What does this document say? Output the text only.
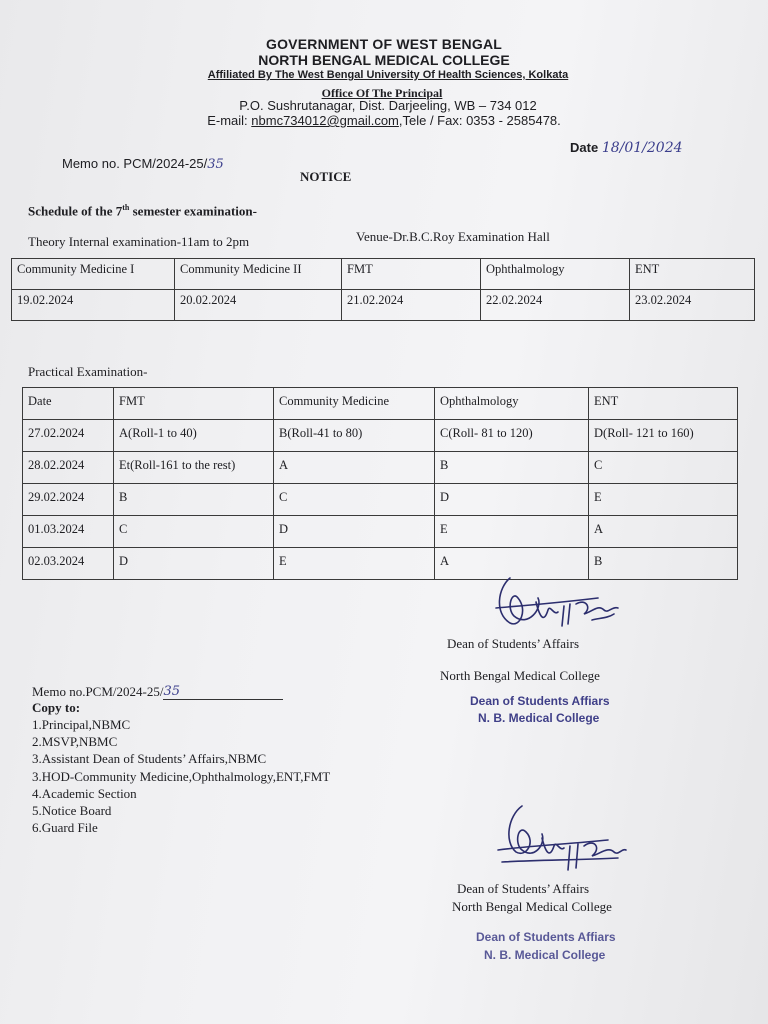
GOVERNMENT OF WEST BENGAL
NORTH BENGAL MEDICAL COLLEGE
Affiliated By The West Bengal University Of Health Sciences, Kolkata
Office Of The Principal
P.O. Sushrutanagar, Dist. Darjeeling, WB – 734 012
E-mail: nbmc734012@gmail.com,Tele / Fax: 0353 - 2585478.
Memo no. PCM/2024-25/35
Date 18/01/2024
NOTICE
Schedule of the 7th semester examination-
Theory Internal examination-11am to 2pm	Venue-Dr.B.C.Roy Examination Hall
Community Medicine I	Community Medicine II	FMT	Ophthalmology	ENT
19.02.2024	20.02.2024	21.02.2024	22.02.2024	23.02.2024
Practical Examination-
Date	FMT	Community Medicine	Ophthalmology	ENT
27.02.2024	A(Roll-1 to 40)	B(Roll-41 to 80)	C(Roll- 81 to 120)	D(Roll- 121 to 160)
28.02.2024	Et(Roll-161 to the rest)	A	B	C
29.02.2024	B	C	D	E
01.03.2024	C	D	E	A
02.03.2024	D	E	A	B
Dean of Students’ Affairs
North Bengal Medical College
Dean of Students Affiars
N. B. Medical College
Memo no.PCM/2024-25/35
Copy to:
1.Principal,NBMC
2.MSVP,NBMC
3.Assistant Dean of Students’ Affairs,NBMC
3.HOD-Community Medicine,Ophthalmology,ENT,FMT
4.Academic Section
5.Notice Board
6.Guard File
Dean of Students’ Affairs
North Bengal Medical College
Dean of Students Affiars
N. B. Medical College
